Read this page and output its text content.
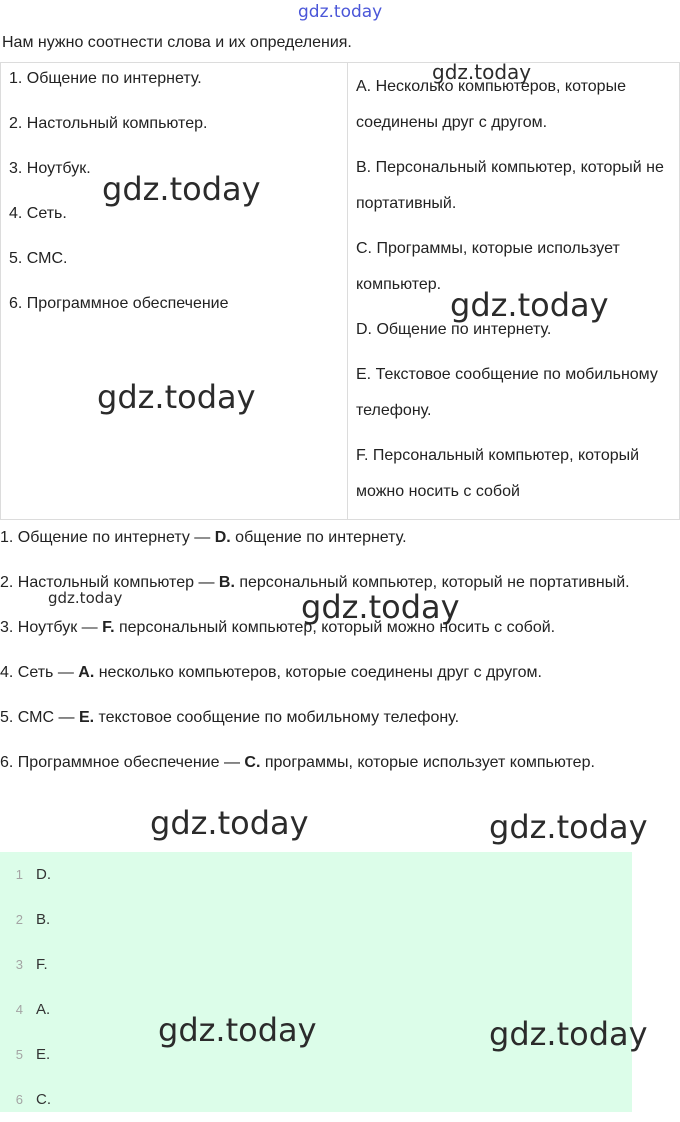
gdz.today
gdz.today
gdz.today
gdz.today
gdz.today
gdz.today	gdz.today
gdz.today	gdz.today
gdz.today	gdz.today
Нам нужно соотнести слова и их определения.
1. Общение по интернету.
2. Настольный компьютер.
3. Ноутбук.
4. Сеть.
5. СМС.
6. Программное обеспечение

A. Несколько компьютеров, которые соединены друг с другом.
B. Персональный компьютер, который не портативный.
C. Программы, которые использует компьютер.
D. Общение по интернету.
E. Текстовое сообщение по мобильному телефону.
F. Персональный компьютер, который можно носить с собой
1. Общение по интернету — D. общение по интернету.
2. Настольный компьютер — B. персональный компьютер, который не портативный.
3. Ноутбук — F. персональный компьютер, который можно носить с собой.
4. Сеть — A. несколько компьютеров, которые соединены друг с другом.
5. СМС — E. текстовое сообщение по мобильному телефону.
6. Программное обеспечение — C. программы, которые использует компьютер.
1 D.
2 B.
3 F.
4 A.
5 E.
6 C.
